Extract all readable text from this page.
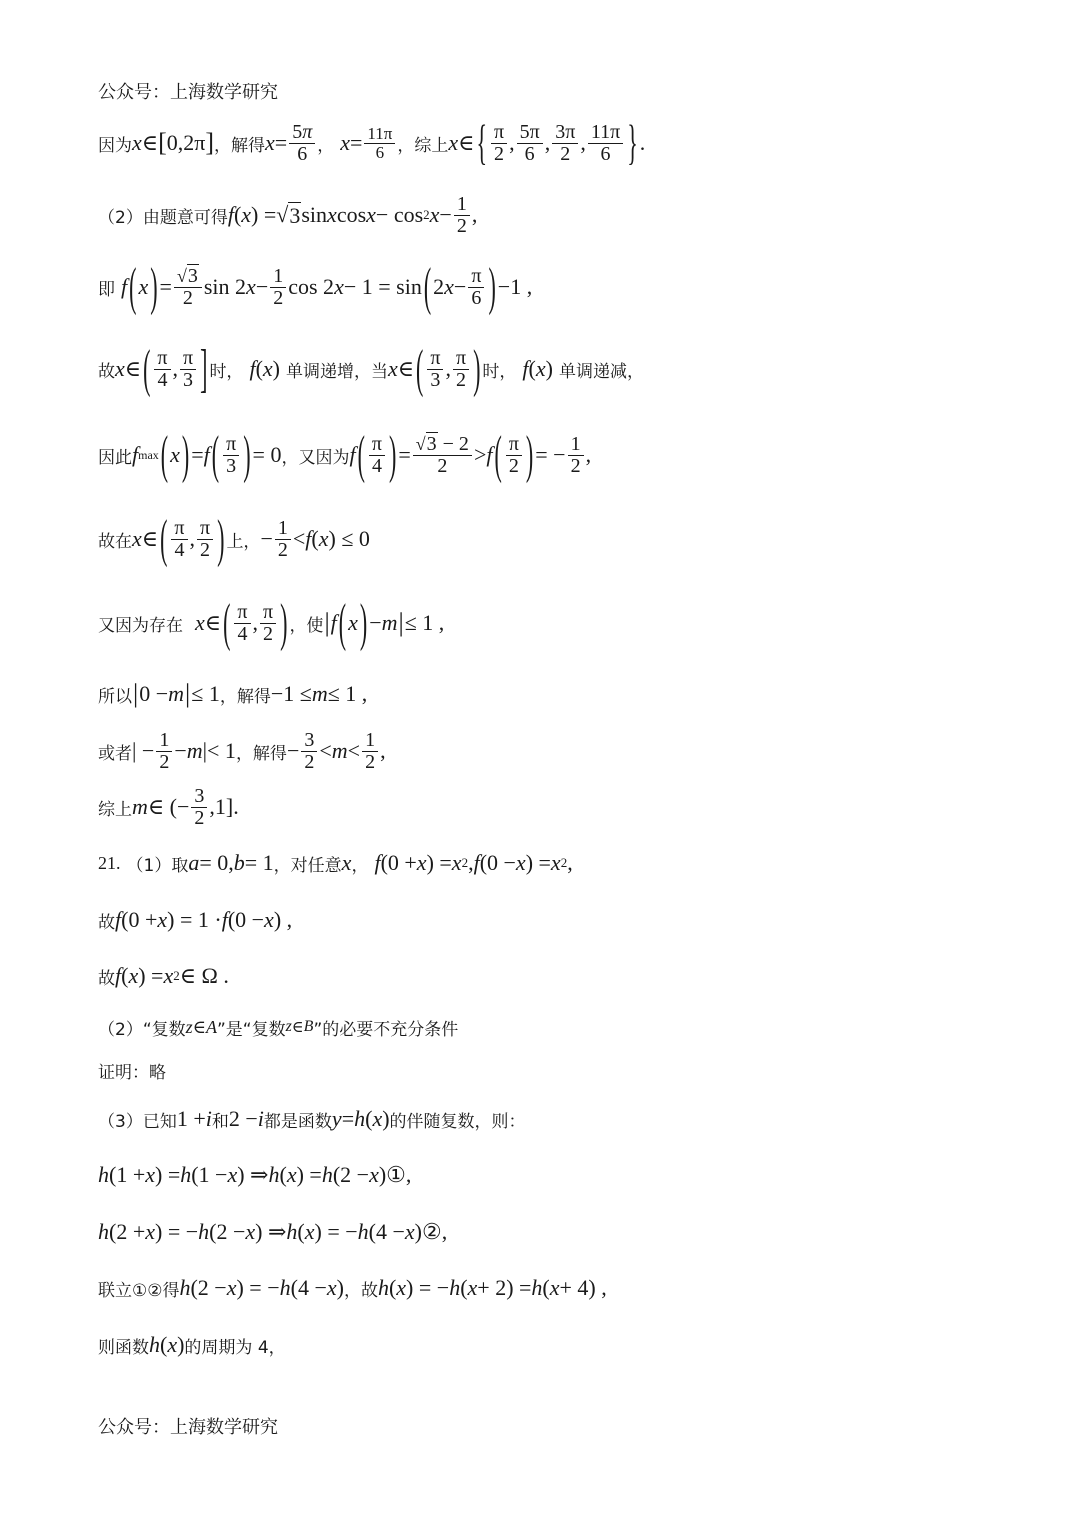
公众号：上海数学研究
因为 x ∈ [ 0,2π ] ，解得 $x = \frac{5\pi}{6}$ ， $x = \frac{11\pi}{6}$ ，综上 x ∈ { $\frac{\pi}{2}$ , $\frac{5\pi}{6}$ , $\frac{3\pi}{2}$ , $\frac{11\pi}{6}$ } .
（2）由题意可得 f ( x ) = √ 3 sin x cos x − cos 2 $x - \frac{1}{2}$ ,
即 f ( x ) = $\frac{√3}{2}$ sin 2 $x - \frac{1}{2}$ cos 2 x − 1 = sin ( 2 $x - \frac{\pi}{6}$ ) −1 ,
故 x ∈ ( $\frac{\pi}{4}$ , $\frac{\pi}{3}$ ] 时， f ( x ) 单调递增，当 x ∈ ( $\frac{\pi}{3}$ , $\frac{\pi}{2}$ ) 时， f ( x ) 单调递减，
因此 f max ( x ) = f ( $\frac{\pi}{3}$ ) = 0 ，又因为 f ( $\frac{\pi}{4}$ ) = $\frac{√3 - 2}{2} > f$ ( $\frac{\pi}{2}$ ) = − $\frac{1}{2}$ ,
故在 x ∈ ( $\frac{\pi}{4}$ , $\frac{\pi}{2}$ ) 上， − $\frac{1}{2} < f$ ( x ) ≤ 0
又因为存在 x ∈ ( $\frac{\pi}{4}$ , $\frac{\pi}{2}$ ) ，使 | f ( x ) − m | ≤ 1 ,
所以 | 0 − m | ≤ 1 ，解得 −1 ≤ m ≤ 1 ,
或者 | − $\frac{1}{2} - m$ |< 1 ，解得 − $\frac{3}{2} < m < \frac{1}{2}$ ,
综上 m ∈ (− $\frac{3}{2} ,1$].
21. （1）取 a = 0, b = 1 ，对任意 x ， f (0 + x ) = x 2 , f (0 − x ) = x 2 ,
故 f (0 + x ) = 1 · f (0 − x ) ,
故 f ( x ) = x 2 ∈ Ω .
（2）“复数 z ∈ A ”是“复数 z ∈ B ”的必要不充分条件
证明：略
（3）已知 1 + i 和 2 − i 都是函数 y = h ( x ) 的伴随复数，则：
h (1 + x ) = h (1 − x ) ⇒ h ( x ) = h (2 − x )①,
h (2 + x ) = − h (2 − x ) ⇒ h ( x ) = − h (4 − x )②,
联立①②得 h (2 − x ) = − h (4 − x ) ，故 h ( x ) = − h ( x + 2) = h ( x + 4) ,
则函数 h ( x ) 的周期为 4，
公众号：上海数学研究
